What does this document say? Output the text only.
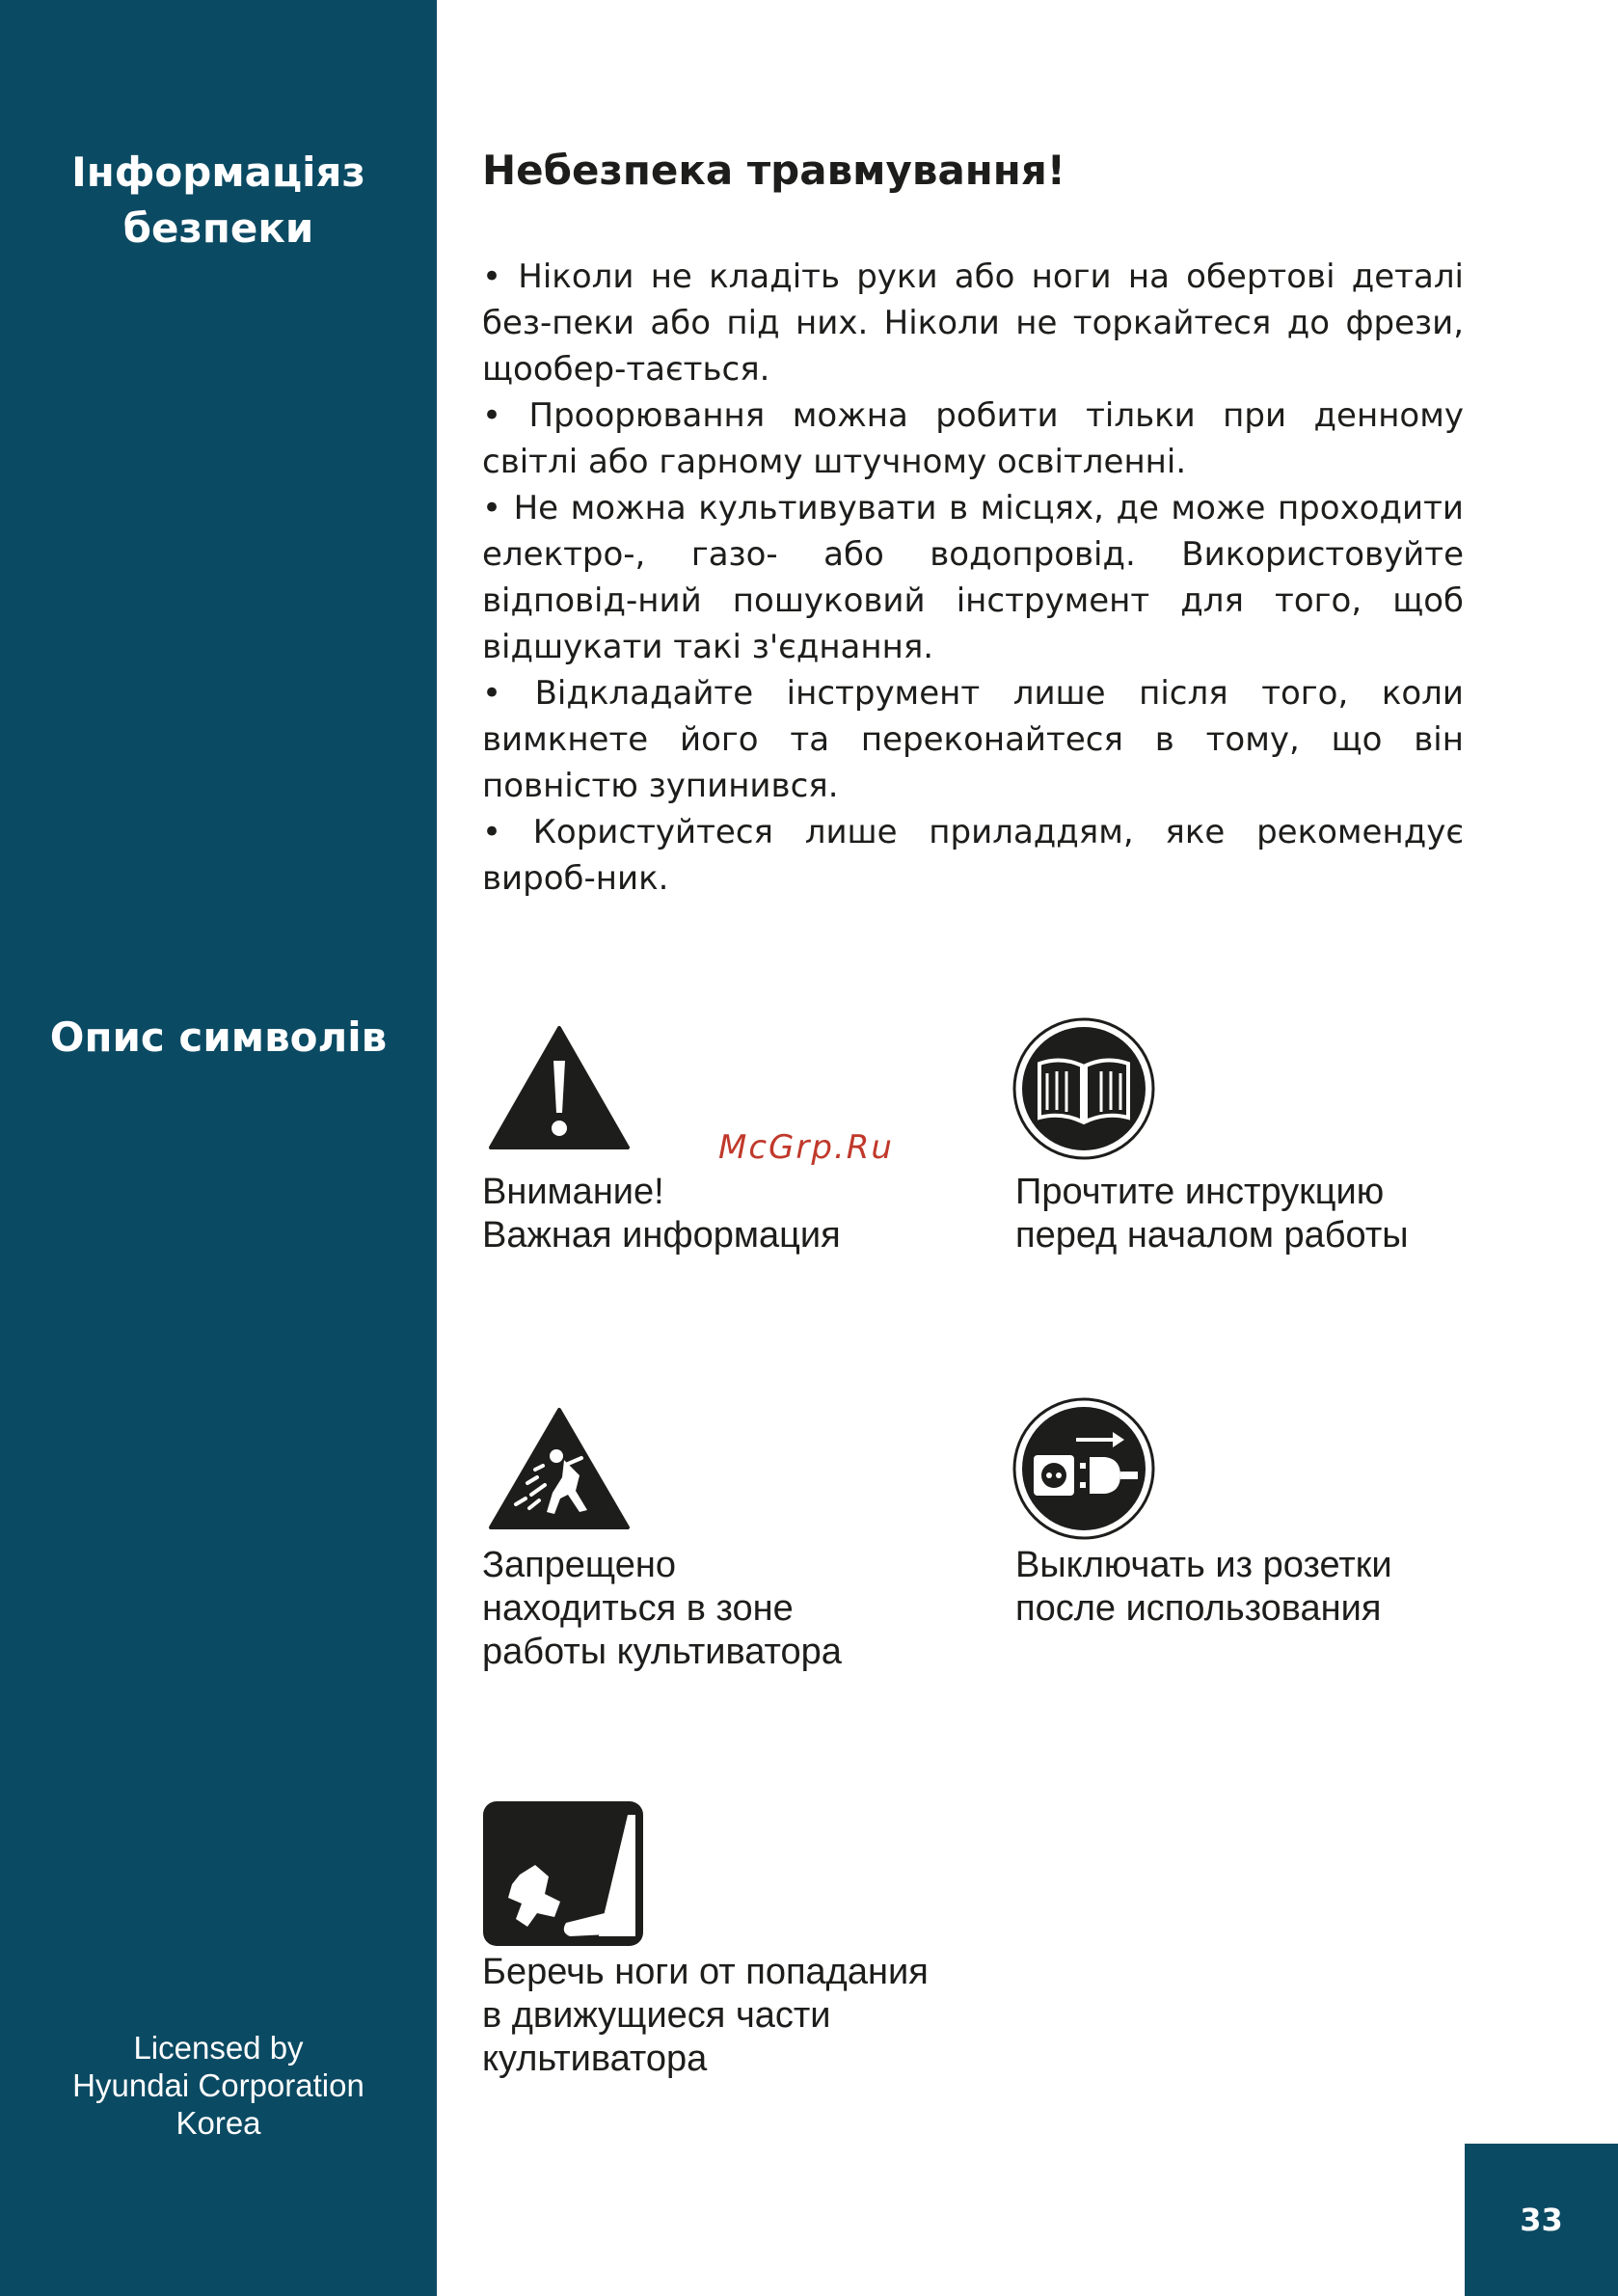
Інформаціяз
безпеки
Опис символів
Licensed by
Hyundai Corporation
Korea
Небезпека травмування!

• Ніколи не кладіть руки або ноги на обертові деталі без-пеки або під них. Ніколи не торкайтеся до фрези, щообер-тається.

• Проорювання можна робити тільки при денному світлі або гарному штучному освітленні.

• Не можна культивувати в місцях, де може проходити електро-, газо- або водопровід. Використовуйте відповід-ний пошуковий інструмент для того, щоб відшукати такі з'єднання.

• Відкладайте інструмент лише після того, коли вимкнете його та переконайтеся в тому, що він повністю зупинився.

• Користуйтеся лише приладдям, яке рекомендує вироб-ник.

McGrp.Ru
Внимание!
Важная информация
Прочтите инструкцию
перед началом работы
Запрещено
находиться в зоне
работы культиватора
Выключать из розетки
после использования
Беречь ноги от попадания
в движущиеся части
культиватора
33
